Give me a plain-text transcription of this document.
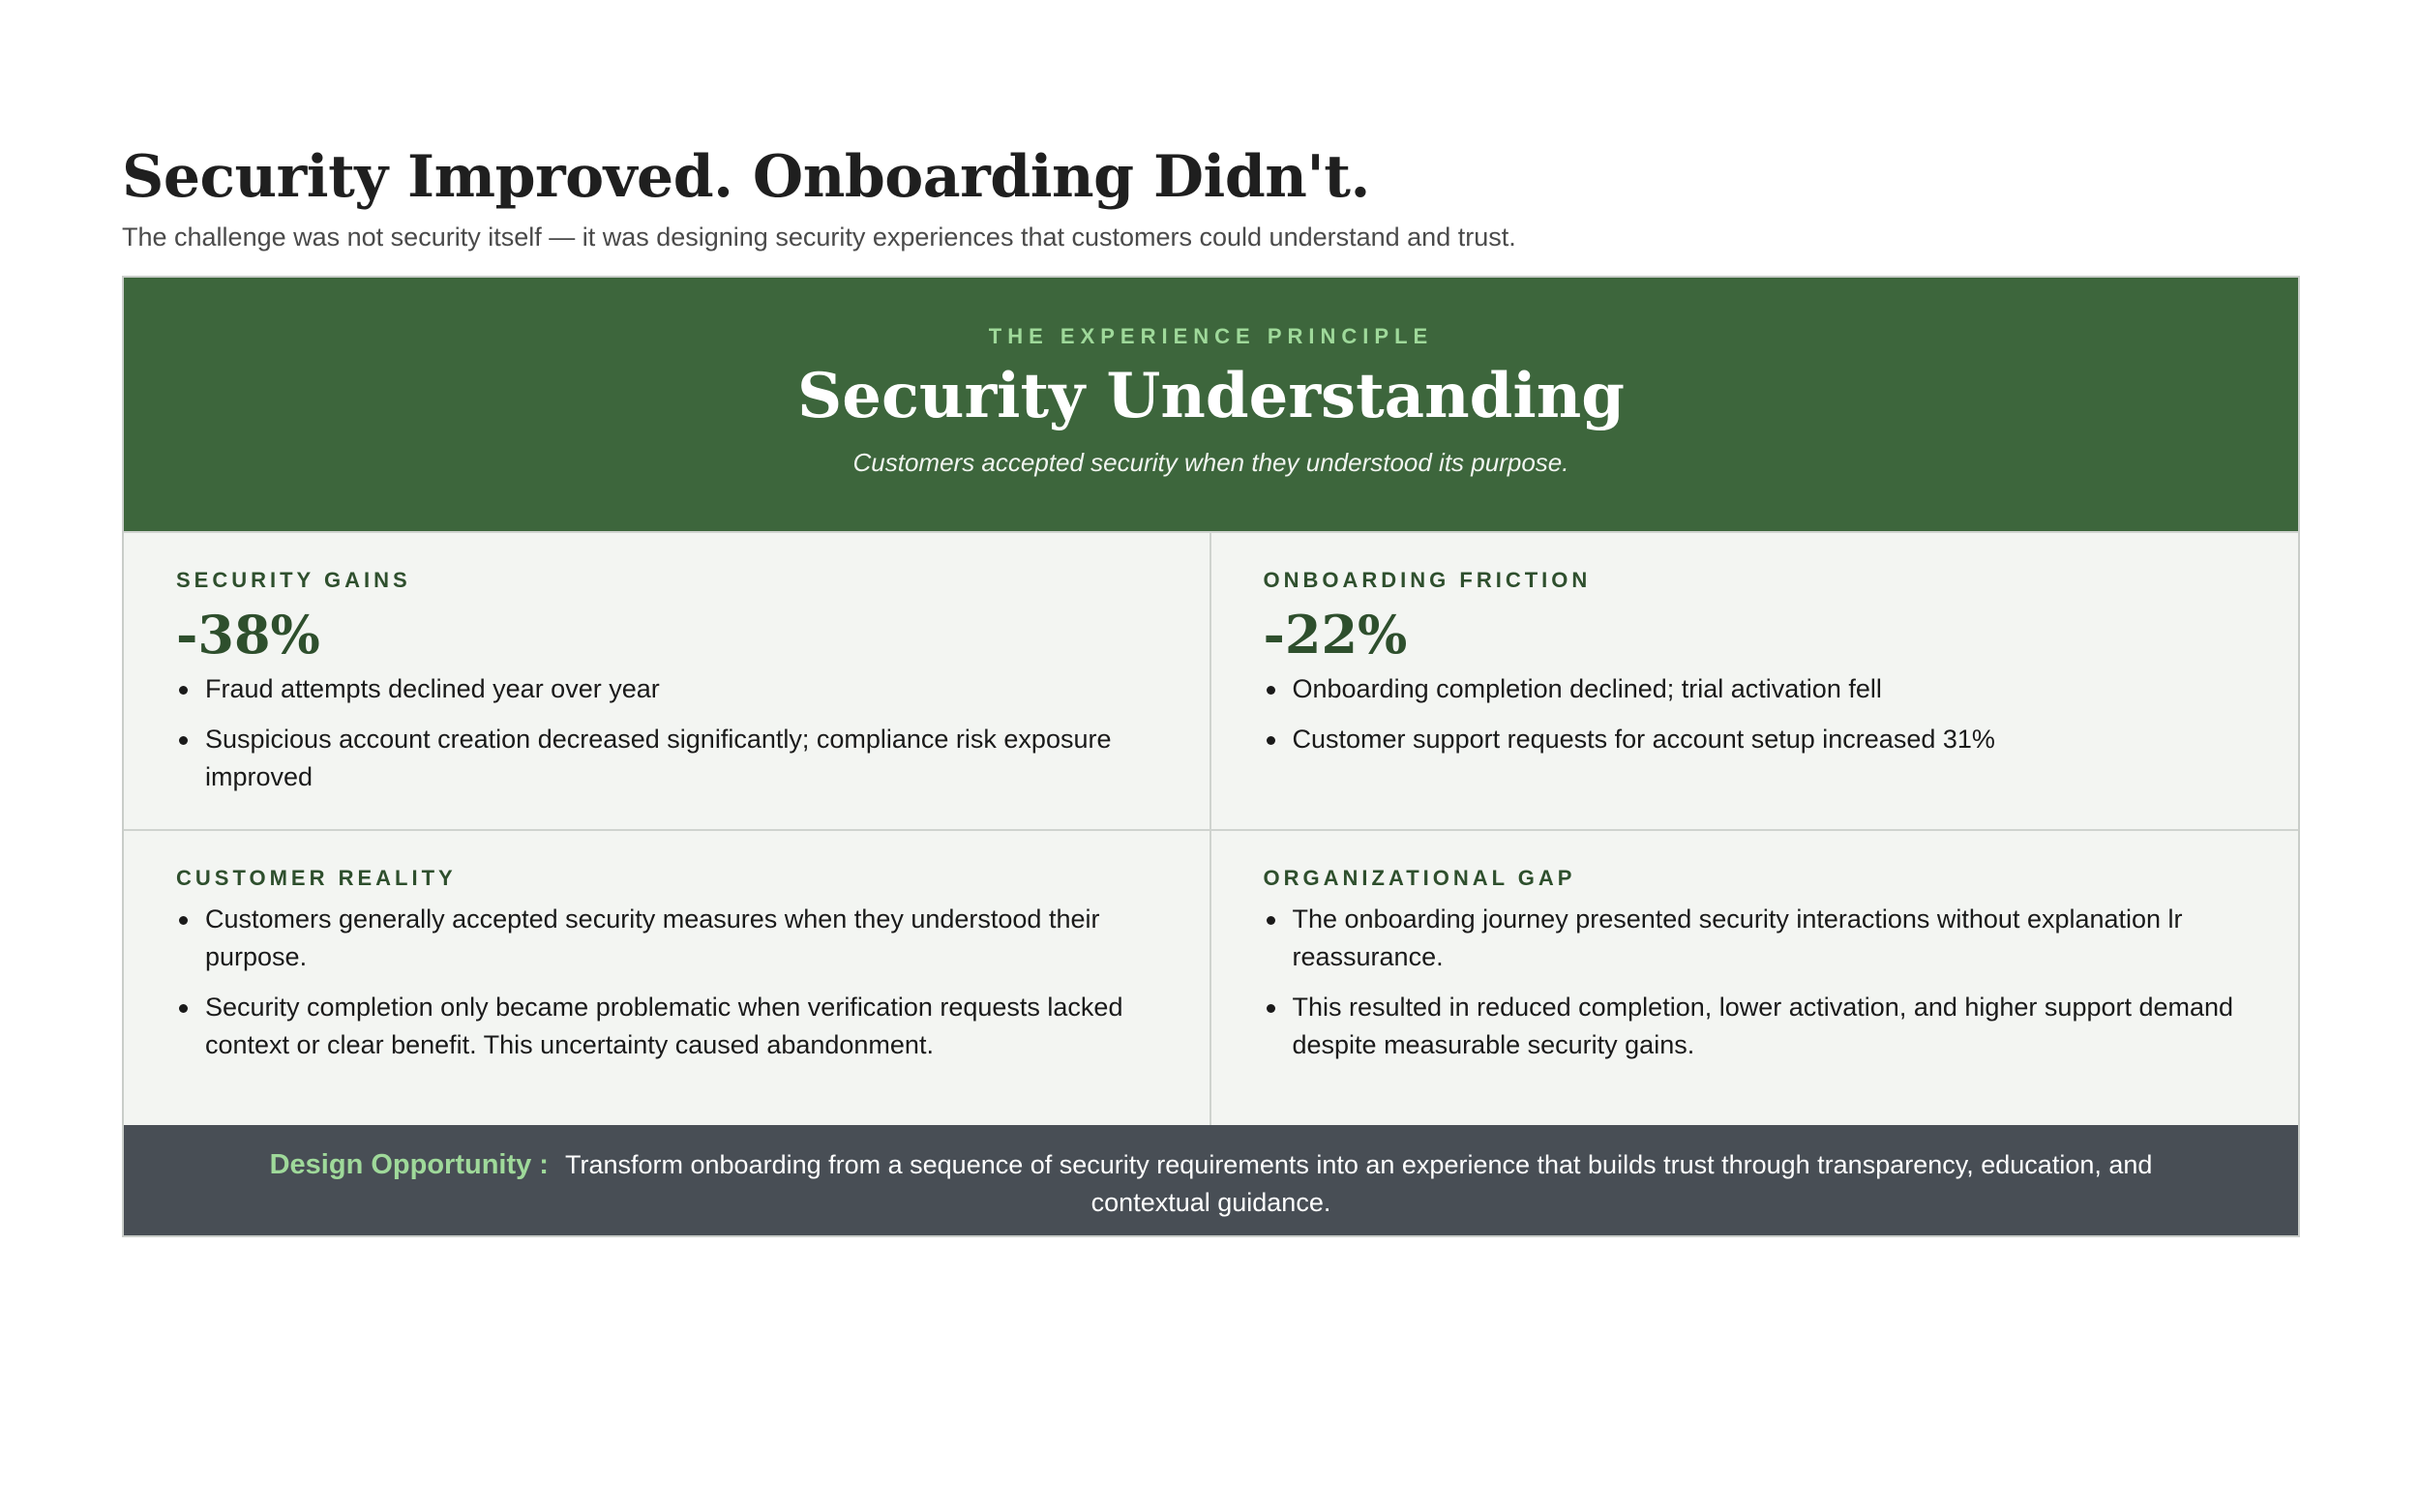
Security Improved. Onboarding Didn't.

The challenge was not security itself — it was designing security experiences that customers could understand and trust.

THE EXPERIENCE PRINCIPLE
Security Understanding
Customers accepted security when they understood its purpose.
SECURITY GAINS
-38%
Fraud attempts declined year over year
Suspicious account creation decreased significantly; compliance risk exposure improved
ONBOARDING FRICTION
-22%
Onboarding completion declined; trial activation fell
Customer support requests for account setup increased 31%
CUSTOMER REALITY
Customers generally accepted security measures when they understood their purpose.
Security completion only became problematic when verification requests lacked context or clear benefit. This uncertainty caused abandonment.
ORGANIZATIONAL GAP
The onboarding journey presented security interactions without explanation lr reassurance.
This resulted in reduced completion, lower activation, and higher support demand despite measurable security gains.
Design Opportunity : Transform onboarding from a sequence of security requirements into an experience that builds trust through transparency, education, and contextual guidance.
